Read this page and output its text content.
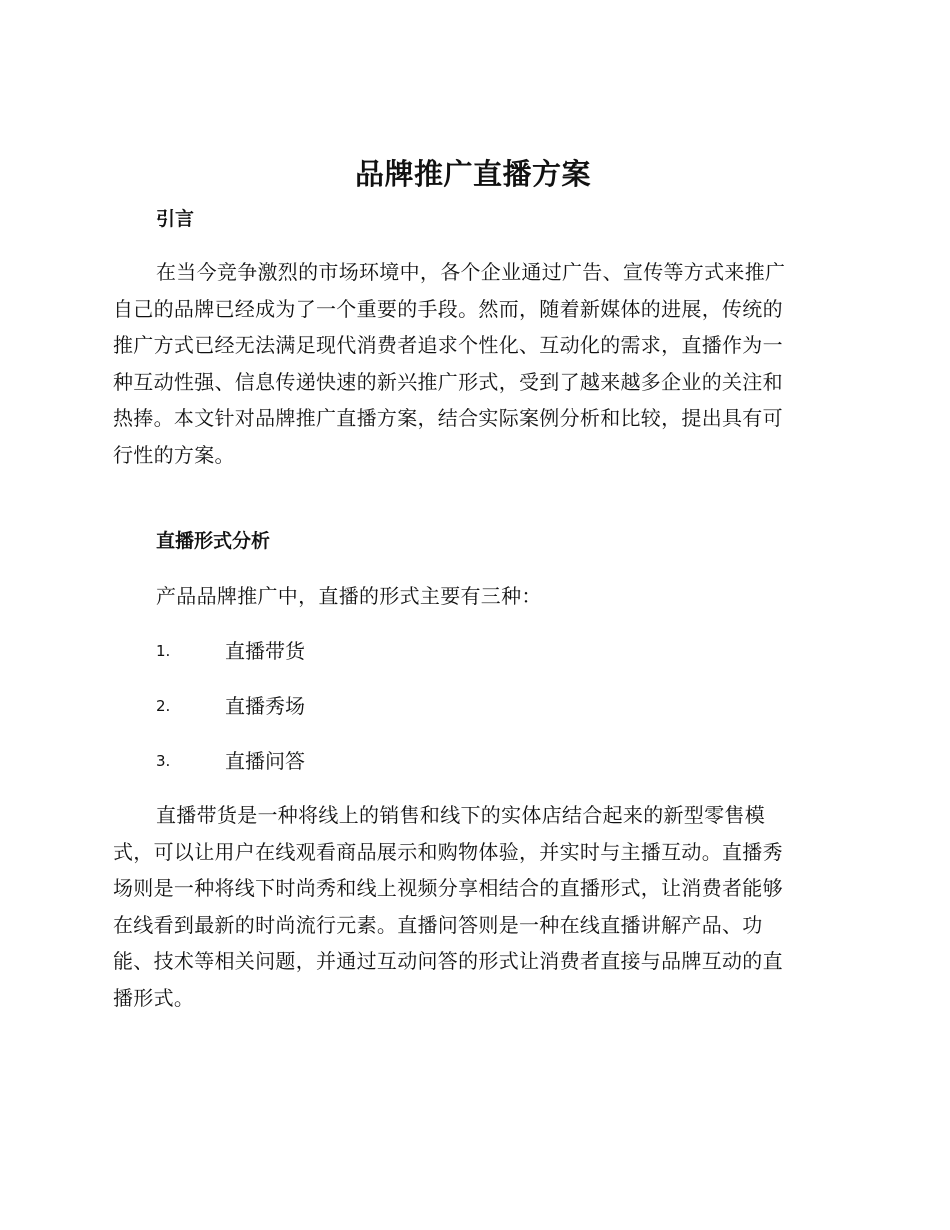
品牌推广直播方案
引言

在当今竞争激烈的市场环境中，各个企业通过广告、宣传等方式来推广
自己的品牌已经成为了一个重要的手段。然而，随着新媒体的进展，传统的
推广方式已经无法满足现代消费者追求个性化、互动化的需求，直播作为一
种互动性强、信息传递快速的新兴推广形式，受到了越来越多企业的关注和
热捧。本文针对品牌推广直播方案，结合实际案例分析和比较，提出具有可
行性的方案。

直播形式分析

产品品牌推广中，直播的形式主要有三种：

1.	直播带货
2.	直播秀场
3.	直播问答

直播带货是一种将线上的销售和线下的实体店结合起来的新型零售模
式，可以让用户在线观看商品展示和购物体验，并实时与主播互动。直播秀
场则是一种将线下时尚秀和线上视频分享相结合的直播形式，让消费者能够
在线看到最新的时尚流行元素。直播问答则是一种在线直播讲解产品、功
能、技术等相关问题，并通过互动问答的形式让消费者直接与品牌互动的直
播形式。
